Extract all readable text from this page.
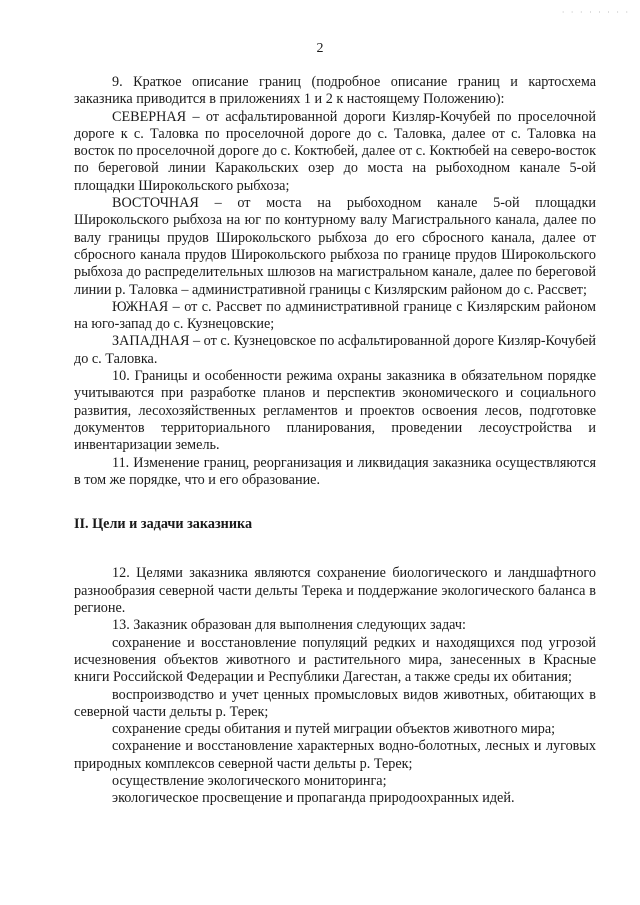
· · · · · · · ·
2

9. Краткое описание границ (подробное описание границ и картосхема заказника приводится в приложениях 1 и 2 к настоящему Положению):

СЕВЕРНАЯ – от асфальтированной дороги Кизляр-Кочубей по проселочной дороге к с. Таловка по проселочной дороге до с. Таловка, далее от с. Таловка на восток по проселочной дороге до с. Коктюбей, далее от с. Коктюбей на северо-восток по береговой линии Каракольских озер до моста на рыбоходном канале 5-ой площадки Широкольского рыбхоза;

ВОСТОЧНАЯ – от моста на рыбоходном канале 5-ой площадки Широкольского рыбхоза на юг по контурному валу Магистрального канала, далее по валу границы прудов Широкольского рыбхоза до его сбросного канала, далее от сбросного канала прудов Широкольского рыбхоза по границе прудов Широкольского рыбхоза до распределительных шлюзов на магистральном канале, далее по береговой линии р. Таловка – административной границы с Кизлярским районом до с. Рассвет;

ЮЖНАЯ – от с. Рассвет по административной границе с Кизлярским районом на юго-запад до с. Кузнецовские;

ЗАПАДНАЯ – от с. Кузнецовское по асфальтированной дороге Кизляр-Кочубей до с. Таловка.

10. Границы и особенности режима охраны заказника в обязательном порядке учитываются при разработке планов и перспектив экономического и социального развития, лесохозяйственных регламентов и проектов освоения лесов, подготовке документов территориального планирования, проведении лесоустройства и инвентаризации земель.

11. Изменение границ, реорганизация и ликвидация заказника осуществляются в том же порядке, что и его образование.

II. Цели и задачи заказника

12. Целями заказника являются сохранение биологического и ландшафтного разнообразия северной части дельты Терека и поддержание экологического баланса в регионе.

13. Заказник образован для выполнения следующих задач:

сохранение и восстановление популяций редких и находящихся под угрозой исчезновения объектов животного и растительного мира, занесенных в Красные книги Российской Федерации и Республики Дагестан, а также среды их обитания;

воспроизводство и учет ценных промысловых видов животных, обитающих в северной части дельты р. Терек;

сохранение среды обитания и путей миграции объектов животного мира;

сохранение и восстановление характерных водно-болотных, лесных и луговых природных комплексов северной части дельты р. Терек;

осуществление экологического мониторинга;

экологическое просвещение и пропаганда природоохранных идей.
